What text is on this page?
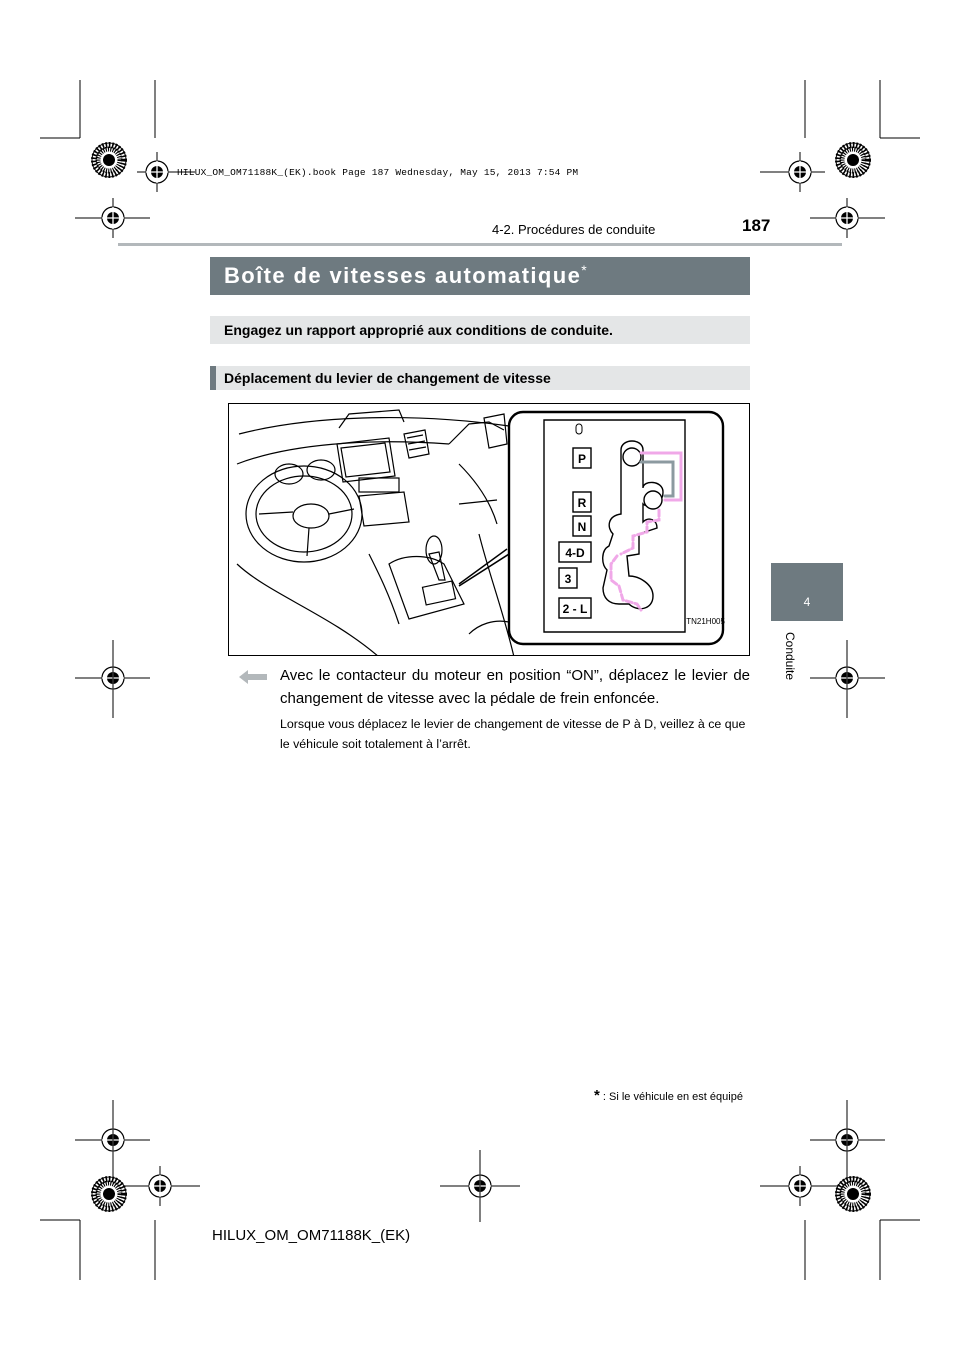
HILUX_OM_OM71188K_(EK).book Page 187 Wednesday, May 15, 2013 7:54 PM
4-2. Procédures de conduite	187
4
Conduite
Boîte de vitesses automatique*
Engagez un rapport approprié aux conditions de conduite.
Déplacement du levier de changement de vitesse
P
R
N
4-D
3
2 - L
ITN21H005
Avec le contacteur du moteur en position “ON”, déplacez le levier de changement de vitesse avec la pédale de frein enfoncée.
Lorsque vous déplacez le levier de changement de vitesse de P à D, veillez à ce que le véhicule soit totalement à l’arrêt.
* : Si le véhicule en est équipé
HILUX_OM_OM71188K_(EK)
